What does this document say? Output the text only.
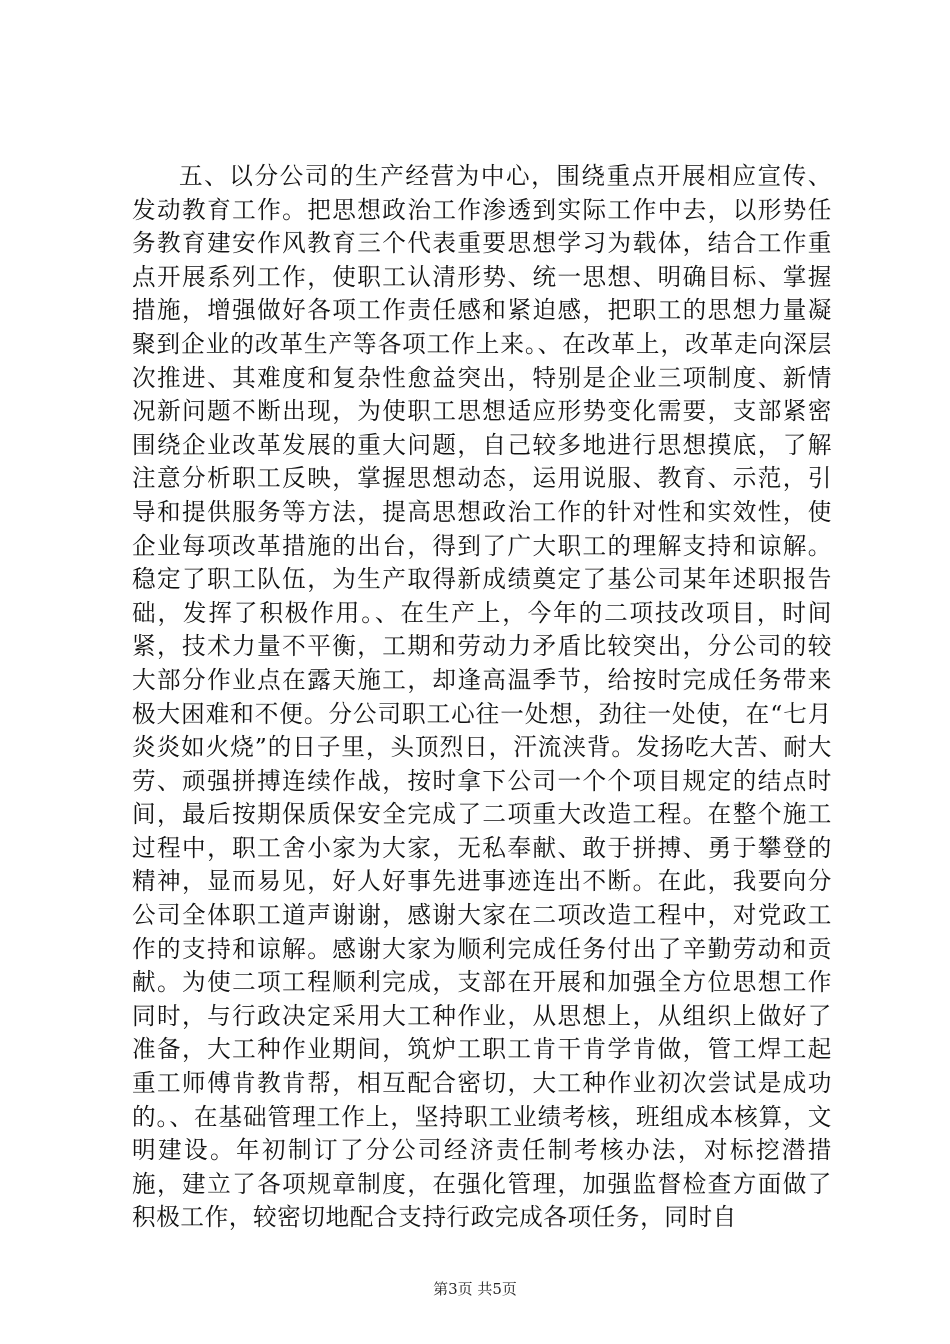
五、以分公司的生产经营为中心，围绕重点开展相应宣传、发动教育工作。把思想政治工作渗透到实际工作中去，以形势任务教育建安作风教育三个代表重要思想学习为载体，结合工作重点开展系列工作，使职工认清形势、统一思想、明确目标、掌握措施，增强做好各项工作责任感和紧迫感，把职工的思想力量凝聚到企业的改革生产等各项工作上来。、在改革上，改革走向深层次推进、其难度和复杂性愈益突出，特别是企业三项制度、新情况新问题不断出现，为使职工思想适应形势变化需要，支部紧密围绕企业改革发展的重大问题，自己较多地进行思想摸底，了解注意分析职工反映，掌握思想动态，运用说服、教育、示范，引导和提供服务等方法，提高思想政治工作的针对性和实效性，使企业每项改革措施的出台，得到了广大职工的理解支持和谅解。稳定了职工队伍，为生产取得新成绩奠定了基公司某年述职报告础，发挥了积极作用。、在生产上，今年的二项技改项目，时间紧，技术力量不平衡，工期和劳动力矛盾比较突出，分公司的较大部分作业点在露天施工，却逢高温季节，给按时完成任务带来极大困难和不便。分公司职工心往一处想，劲往一处使，在“七月炎炎如火烧”的日子里，头顶烈日，汗流浃背。发扬吃大苦、耐大劳、顽强拼搏连续作战，按时拿下公司一个个项目规定的结点时间，最后按期保质保安全完成了二项重大改造工程。在整个施工过程中，职工舍小家为大家，无私奉献、敢于拼搏、勇于攀登的精神，显而易见，好人好事先进事迹连出不断。在此，我要向分公司全体职工道声谢谢，感谢大家在二项改造工程中，对党政工作的支持和谅解。感谢大家为顺利完成任务付出了辛勤劳动和贡献。为使二项工程顺利完成，支部在开展和加强全方位思想工作同时，与行政决定采用大工种作业，从思想上，从组织上做好了准备，大工种作业期间，筑炉工职工肯干肯学肯做，管工焊工起重工师傅肯教肯帮，相互配合密切，大工种作业初次尝试是成功的。、在基础管理工作上，坚持职工业绩考核，班组成本核算，文明建设。年初制订了分公司经济责任制考核办法，对标挖潜措施，建立了各项规章制度，在强化管理，加强监督检查方面做了积极工作，较密切地配合支持行政完成各项任务，同时自

第3页 共5页
